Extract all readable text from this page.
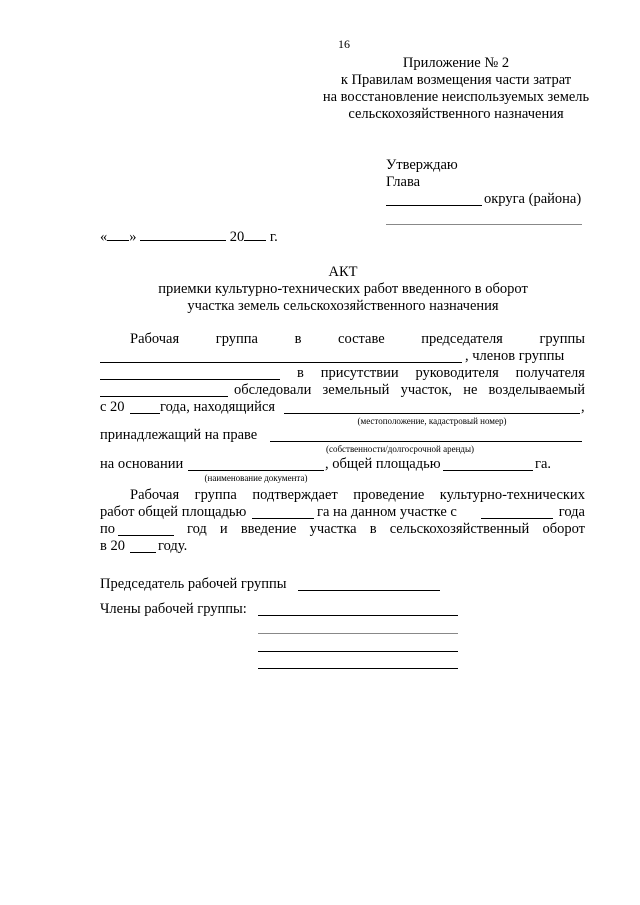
16
Приложение № 2
к Правилам возмещения части затрат
на восстановление неиспользуемых земель
сельскохозяйственного назначения
Утверждаю
Глава
округа (района)
« »	20 г.
АКТ
приемки культурно-технических работ введенного в оборот
участка земель сельскохозяйственного назначения
Рабочая	группа	в	составе	председателя	группы
, членов группы
в присутствии руководителя получателя
обследовали земельный участок, не возделываемый
с 20 года, находящийся	,
(местоположение, кадастровый номер)
принадлежащий на праве
(собственности/долгосрочной аренды)
на основании	, общей площадью	га.
(наименование документа)
Рабочая группа подтверждает проведение культурно-технических
работ общей площадью	га на данном участке с	года
по	год и введение участка в сельскохозяйственный оборот
в 20 году.
Председатель рабочей группы
Члены рабочей группы:
